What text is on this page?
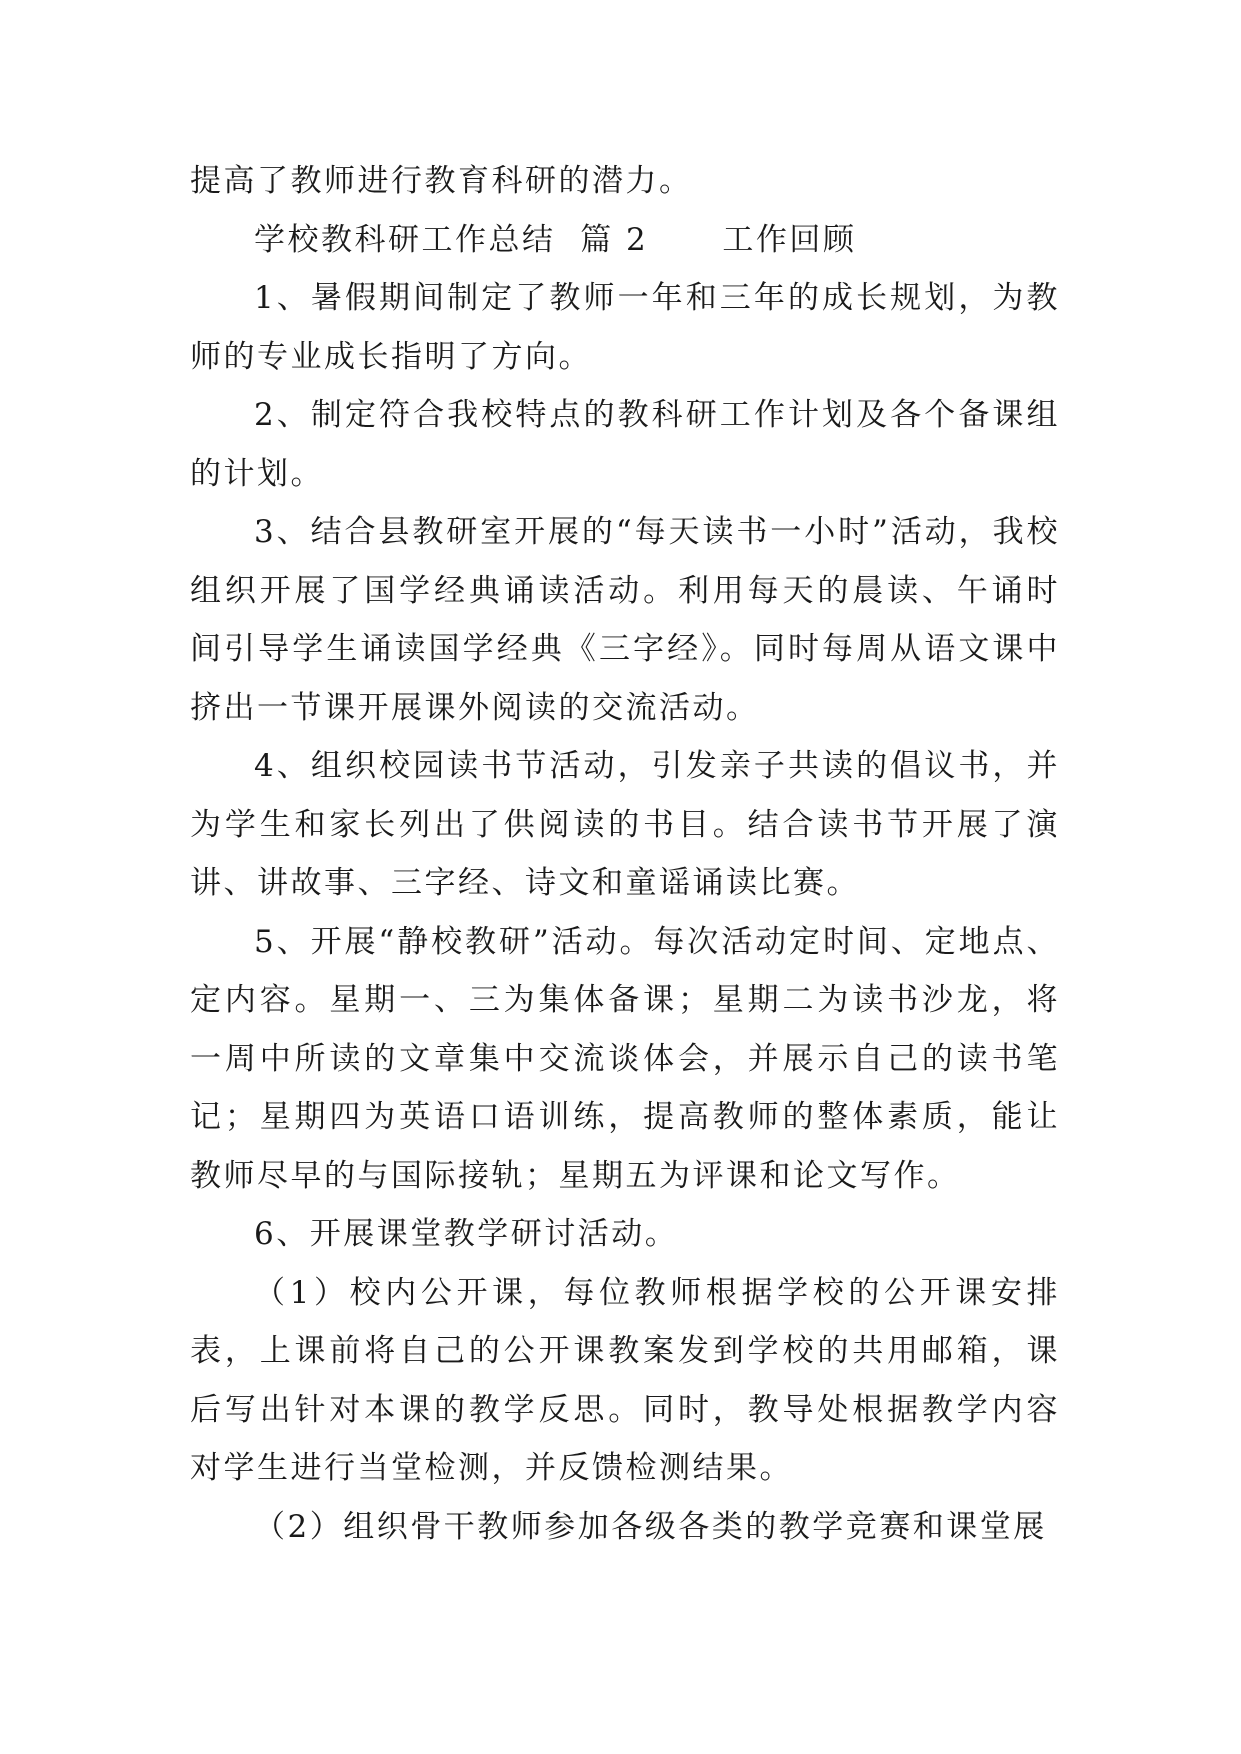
提高了教师进行教育科研的潜力。

学校教科研工作总结  篇 2      工作回顾

1、暑假期间制定了教师一年和三年的成长规划，为教师的专业成长指明了方向。

2、制定符合我校特点的教科研工作计划及各个备课组的计划。

3、结合县教研室开展的“每天读书一小时”活动，我校组织开展了国学经典诵读活动。利用每天的晨读、午诵时间引导学生诵读国学经典《三字经》。同时每周从语文课中挤出一节课开展课外阅读的交流活动。

4、组织校园读书节活动，引发亲子共读的倡议书，并为学生和家长列出了供阅读的书目。结合读书节开展了演讲、讲故事、三字经、诗文和童谣诵读比赛。

5、开展“静校教研”活动。每次活动定时间、定地点、定内容。星期一、三为集体备课；星期二为读书沙龙，将一周中所读的文章集中交流谈体会，并展示自己的读书笔记；星期四为英语口语训练，提高教师的整体素质，能让教师尽早的与国际接轨；星期五为评课和论文写作。

6、开展课堂教学研讨活动。

（1）校内公开课，每位教师根据学校的公开课安排表，上课前将自己的公开课教案发到学校的共用邮箱，课后写出针对本课的教学反思。同时，教导处根据教学内容对学生进行当堂检测，并反馈检测结果。

（2）组织骨干教师参加各级各类的教学竞赛和课堂展
